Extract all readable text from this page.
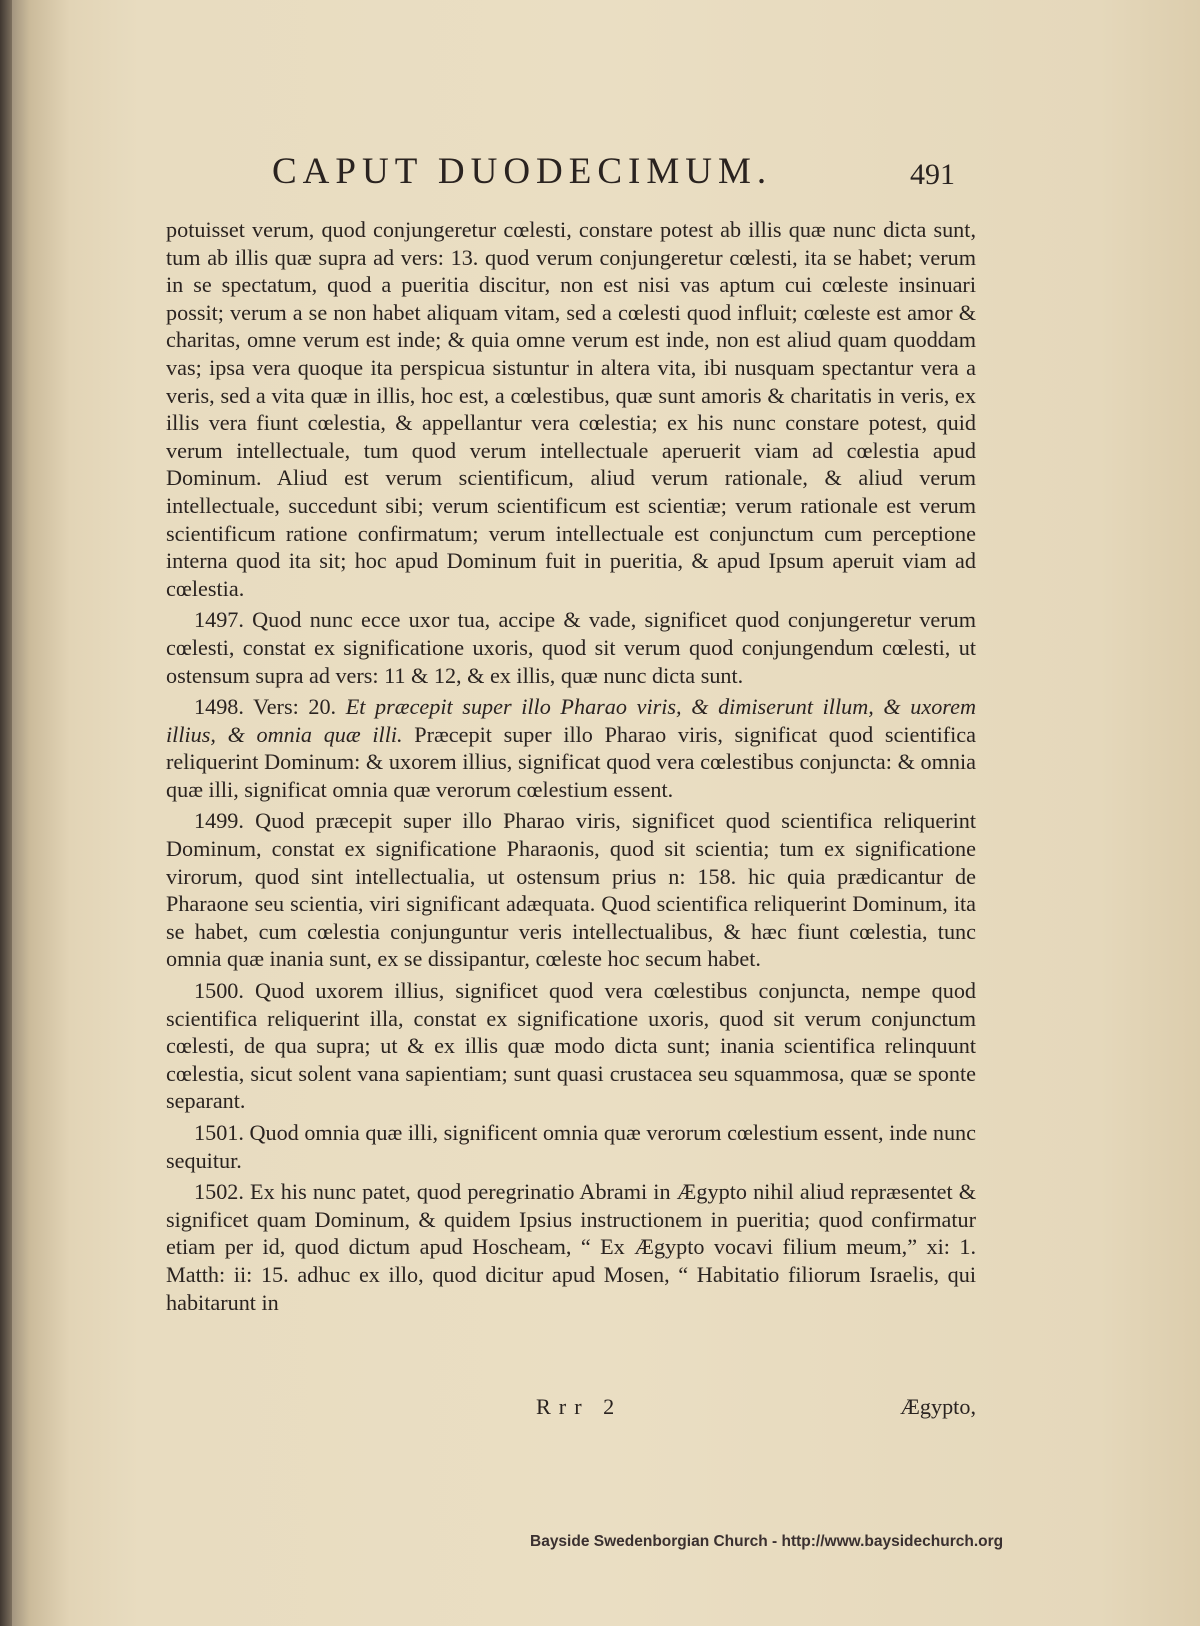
CAPUT DUODECIMUM.	491

potuisset verum, quod conjungeretur cœlesti, constare potest ab illis quæ nunc dicta sunt, tum ab illis quæ supra ad vers: 13. quod verum conjungeretur cœlesti, ita se habet; verum in se spectatum, quod a pueritia discitur, non est nisi vas aptum cui cœleste insinuari possit; verum a se non habet aliquam vitam, sed a cœlesti quod influit; cœleste est amor & charitas, omne verum est inde; & quia omne verum est inde, non est aliud quam quoddam vas; ipsa vera quoque ita perspicua sistuntur in altera vita, ibi nusquam spectantur vera a veris, sed a vita quæ in illis, hoc est, a cœlestibus, quæ sunt amoris & charitatis in veris, ex illis vera fiunt cœlestia, & appellantur vera cœlestia; ex his nunc constare potest, quid verum intellectuale, tum quod verum intellectuale aperuerit viam ad cœlestia apud Dominum. Aliud est verum scientificum, aliud verum rationale, & aliud verum intellectuale, succedunt sibi; verum scientificum est scientiæ; verum rationale est verum scientificum ratione confirmatum; verum intellectuale est conjunctum cum perceptione interna quod ita sit; hoc apud Dominum fuit in pueritia, & apud Ipsum aperuit viam ad cœlestia.

1497. Quod nunc ecce uxor tua, accipe & vade, significet quod conjungeretur verum cœlesti, constat ex significatione uxoris, quod sit verum quod conjungendum cœlesti, ut ostensum supra ad vers: 11 & 12, & ex illis, quæ nunc dicta sunt.

1498. Vers: 20. Et præcepit super illo Pharao viris, & dimiserunt illum, & uxorem illius, & omnia quæ illi. Præcepit super illo Pharao viris, significat quod scientifica reliquerint Dominum: & uxorem illius, significat quod vera cœlestibus conjuncta: & omnia quæ illi, significat omnia quæ verorum cœlestium essent.

1499. Quod præcepit super illo Pharao viris, significet quod scientifica reliquerint Dominum, constat ex significatione Pharaonis, quod sit scientia; tum ex significatione virorum, quod sint intellectualia, ut ostensum prius n: 158. hic quia prædicantur de Pharaone seu scientia, viri significant adæquata. Quod scientifica reliquerint Dominum, ita se habet, cum cœlestia conjunguntur veris intellectualibus, & hæc fiunt cœlestia, tunc omnia quæ inania sunt, ex se dissipantur, cœleste hoc secum habet.

1500. Quod uxorem illius, significet quod vera cœlestibus conjuncta, nempe quod scientifica reliquerint illa, constat ex significatione uxoris, quod sit verum conjunctum cœlesti, de qua supra; ut & ex illis quæ modo dicta sunt; inania scientifica relinquunt cœlestia, sicut solent vana sapientiam; sunt quasi crustacea seu squammosa, quæ se sponte separant.

1501. Quod omnia quæ illi, significent omnia quæ verorum cœlestium essent, inde nunc sequitur.

1502. Ex his nunc patet, quod peregrinatio Abrami in Ægypto nihil aliud repræsentet & significet quam Dominum, & quidem Ipsius instructionem in pueritia; quod confirmatur etiam per id, quod dictum apud Hoscheam, “ Ex Ægypto vocavi filium meum,” xi: 1. Matth: ii: 15. adhuc ex illo, quod dicitur apud Mosen, “ Habitatio filiorum Israelis, qui habitarunt in

Rrr 2	Ægypto,
Bayside Swedenborgian Church - http://www.baysidechurch.org
